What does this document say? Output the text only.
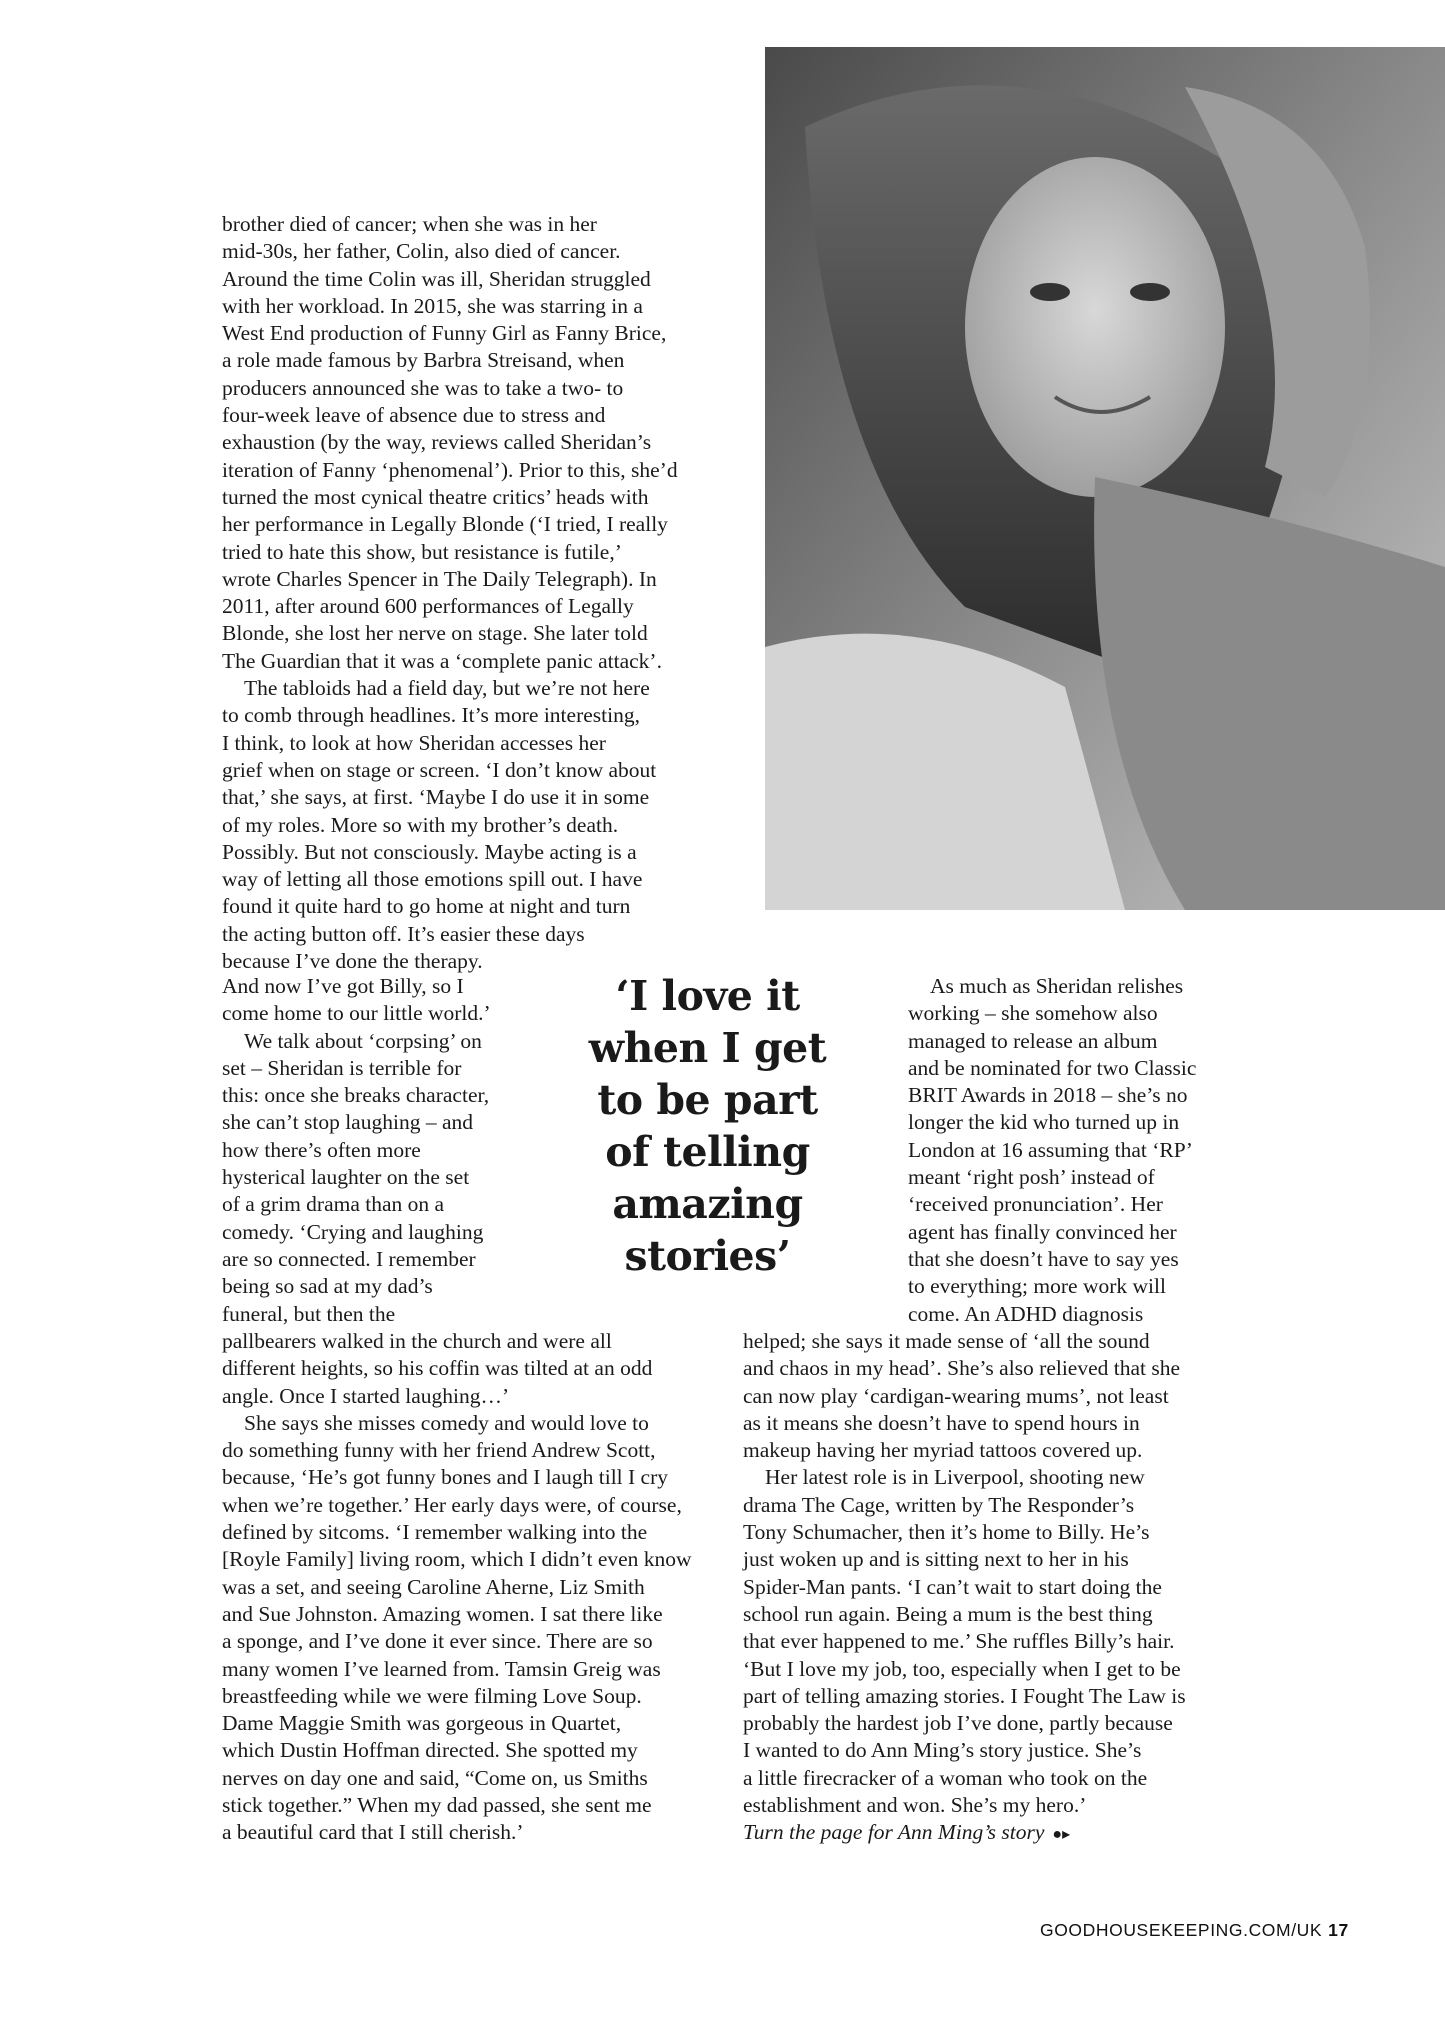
brother died of cancer; when she was in her
mid-30s, her father, Colin, also died of cancer.
Around the time Colin was ill, Sheridan struggled
with her workload. In 2015, she was starring in a
West End production of Funny Girl as Fanny Brice,
a role made famous by Barbra Streisand, when
producers announced she was to take a two- to
four-week leave of absence due to stress and
exhaustion (by the way, reviews called Sheridan’s
iteration of Fanny ‘phenomenal’). Prior to this, she’d
turned the most cynical theatre critics’ heads with
her performance in Legally Blonde (‘I tried, I really
tried to hate this show, but resistance is futile,’
wrote Charles Spencer in The Daily Telegraph). In
2011, after around 600 performances of Legally
Blonde, she lost her nerve on stage. She later told
The Guardian that it was a ‘complete panic attack’.
The tabloids had a field day, but we’re not here
to comb through headlines. It’s more interesting,
I think, to look at how Sheridan accesses her
grief when on stage or screen. ‘I don’t know about
that,’ she says, at first. ‘Maybe I do use it in some
of my roles. More so with my brother’s death.
Possibly. But not consciously. Maybe acting is a
way of letting all those emotions spill out. I have
found it quite hard to go home at night and turn
the acting button off. It’s easier these days
because I’ve done the therapy.
And now I’ve got Billy, so I
come home to our little world.’
We talk about ‘corpsing’ on
set – Sheridan is terrible for
this: once she breaks character,
she can’t stop laughing – and
how there’s often more
hysterical laughter on the set
of a grim drama than on a
comedy. ‘Crying and laughing
are so connected. I remember
being so sad at my dad’s
funeral, but then the
pallbearers walked in the church and were all
different heights, so his coffin was tilted at an odd
angle. Once I started laughing…’
She says she misses comedy and would love to
do something funny with her friend Andrew Scott,
because, ‘He’s got funny bones and I laugh till I cry
when we’re together.’ Her early days were, of course,
defined by sitcoms. ‘I remember walking into the
[Royle Family] living room, which I didn’t even know
was a set, and seeing Caroline Aherne, Liz Smith
and Sue Johnston. Amazing women. I sat there like
a sponge, and I’ve done it ever since. There are so
many women I’ve learned from. Tamsin Greig was
breastfeeding while we were filming Love Soup.
Dame Maggie Smith was gorgeous in Quartet,
which Dustin Hoffman directed. She spotted my
nerves on day one and said, “Come on, us Smiths
stick together.” When my dad passed, she sent me
a beautiful card that I still cherish.’
‘I love it
when I get
to be part
of telling
amazing
stories’
As much as Sheridan relishes
working – she somehow also
managed to release an album
and be nominated for two Classic
BRIT Awards in 2018 – she’s no
longer the kid who turned up in
London at 16 assuming that ‘RP’
meant ‘right posh’ instead of
‘received pronunciation’. Her
agent has finally convinced her
that she doesn’t have to say yes
to everything; more work will
come. An ADHD diagnosis
helped; she says it made sense of ‘all the sound
and chaos in my head’. She’s also relieved that she
can now play ‘cardigan-wearing mums’, not least
as it means she doesn’t have to spend hours in
makeup having her myriad tattoos covered up.
Her latest role is in Liverpool, shooting new
drama The Cage, written by The Responder’s
Tony Schumacher, then it’s home to Billy. He’s
just woken up and is sitting next to her in his
Spider-Man pants. ‘I can’t wait to start doing the
school run again. Being a mum is the best thing
that ever happened to me.’ She ruffles Billy’s hair.
‘But I love my job, too, especially when I get to be
part of telling amazing stories. I Fought The Law is
probably the hardest job I’ve done, partly because
I wanted to do Ann Ming’s story justice. She’s
a little firecracker of a woman who took on the
establishment and won. She’s my hero.’
Turn the page for Ann Ming’s story ●▸
GOODHOUSEKEEPING.COM/UK 17
